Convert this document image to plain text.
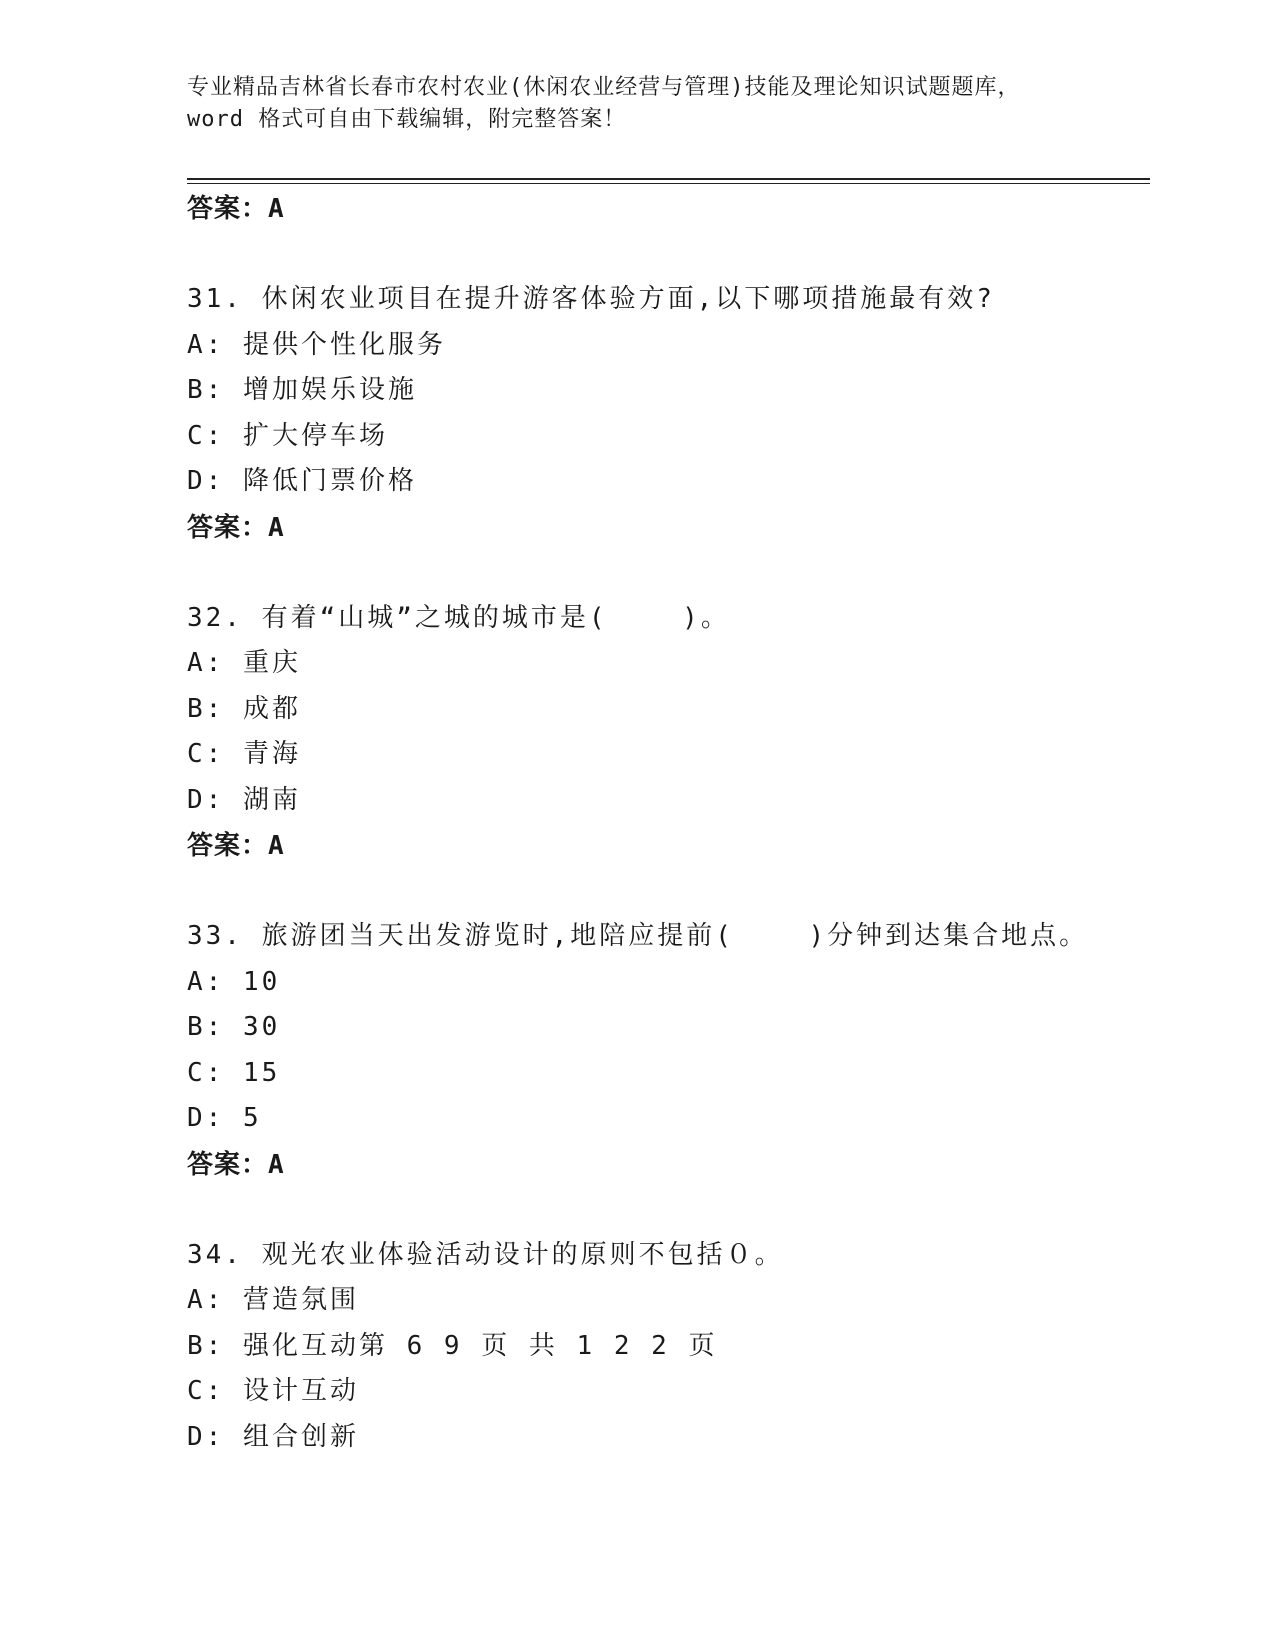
专业精品吉林省长春市农村农业(休闲农业经营与管理)技能及理论知识试题题库，
word 格式可自由下载编辑，附完整答案！
答案：A
31. 休闲农业项目在提升游客体验方面,以下哪项措施最有效?
A: 提供个性化服务
B: 增加娱乐设施
C: 扩大停车场
D: 降低门票价格
答案：A
32. 有着“山城”之城的城市是(    )。
A: 重庆
B: 成都
C: 青海
D: 湖南
答案：A
33. 旅游团当天出发游览时,地陪应提前(    )分钟到达集合地点。
A: 10
B: 30
C: 15
D: 5
答案：A
34. 观光农业体验活动设计的原则不包括０。
A: 营造氛围
B: 强化互动第 6 9 页 共 1 2 2 页
C: 设计互动
D: 组合创新
